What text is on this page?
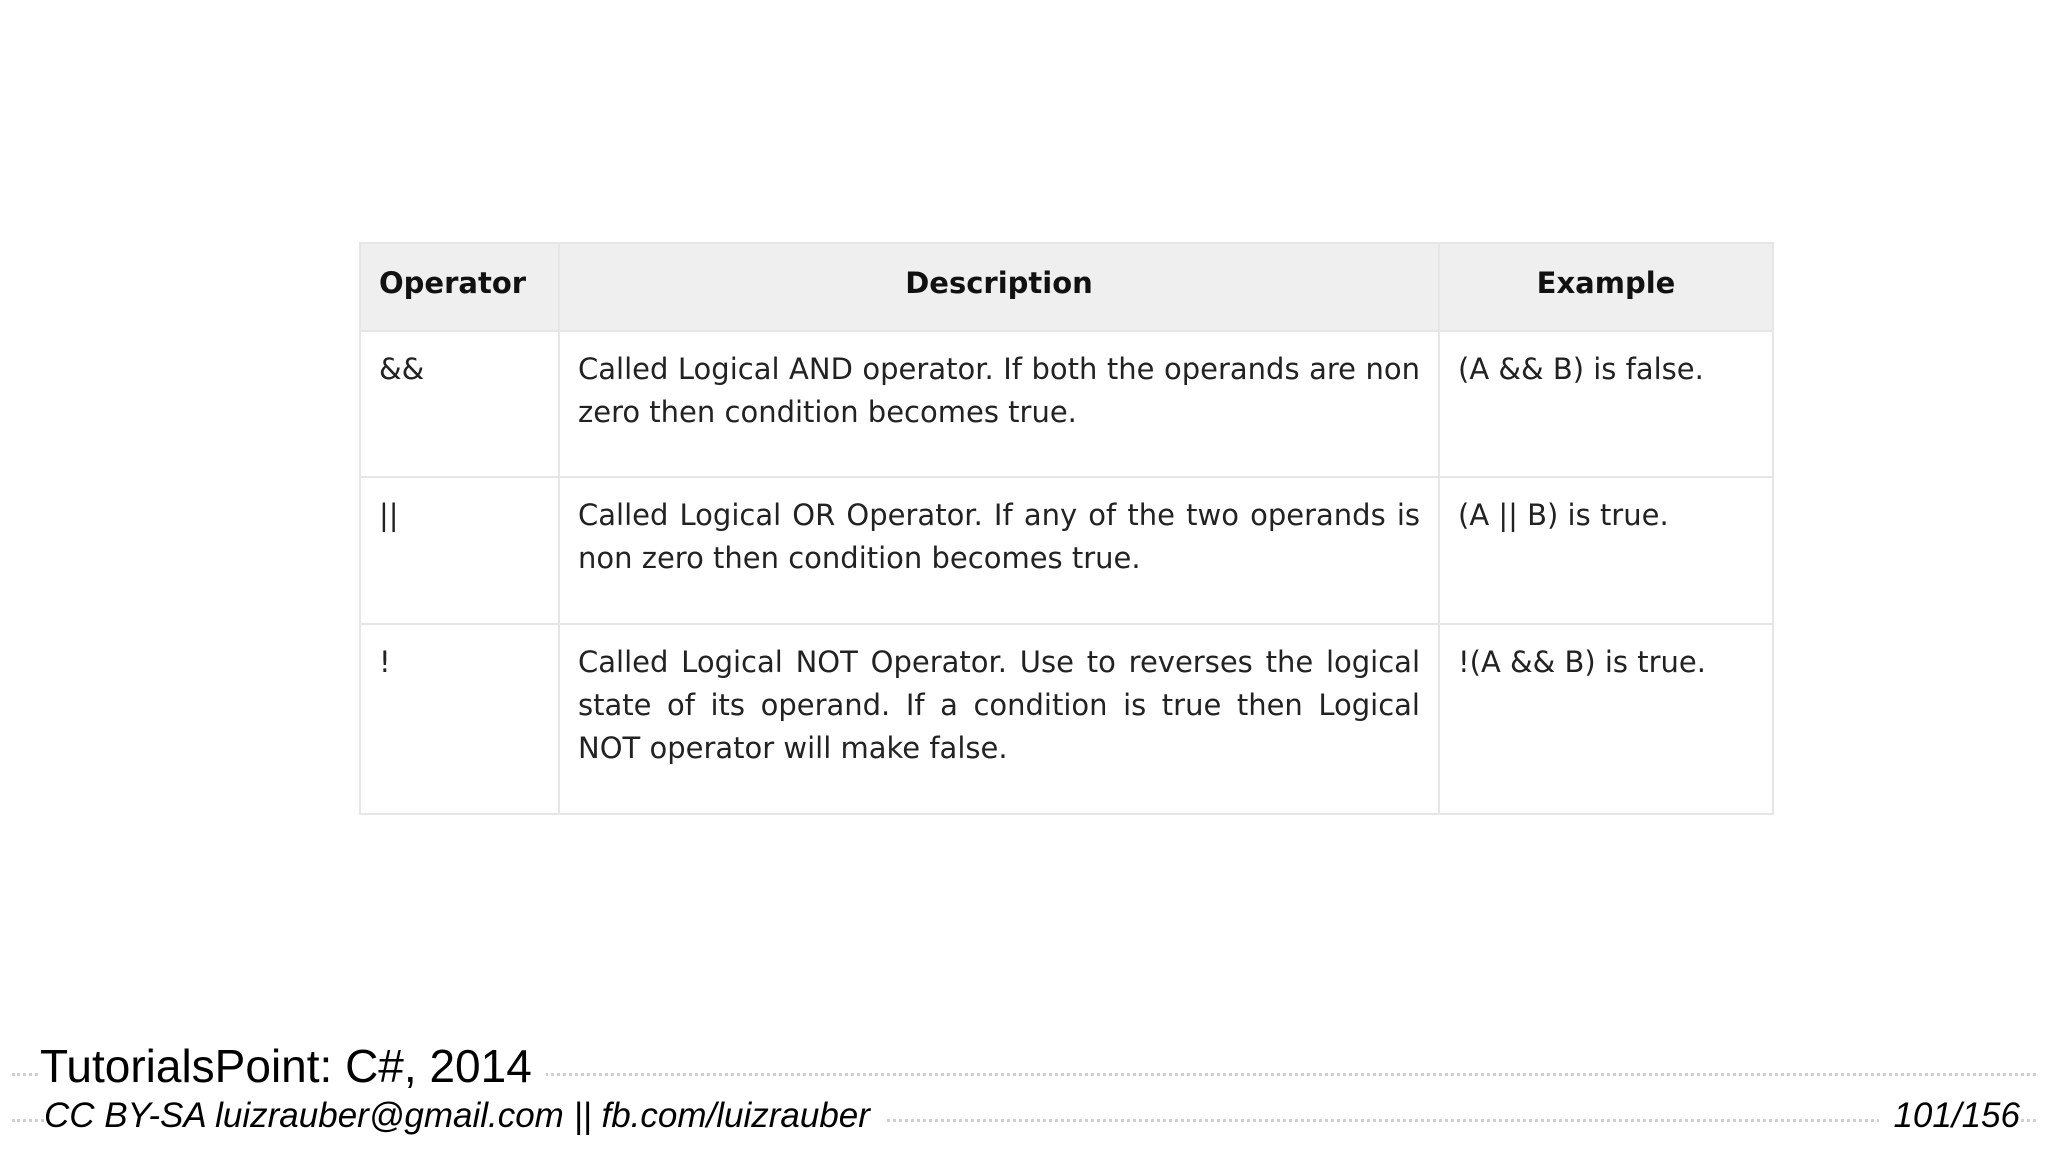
Operator	Description	Example
&&	Called Logical AND operator. If both the operands are non zero then condition becomes true.	(A && B) is false.
||	Called Logical OR Operator. If any of the two operands is non zero then condition becomes true.	(A || B) is true.
!	Called Logical NOT Operator. Use to reverses the logical state of its operand. If a condition is true then Logical NOT operator will make false.	!(A && B) is true.
TutorialsPoint: C#, 2014
CC BY-SA luizrauber@gmail.com || fb.com/luizrauber	101/156
